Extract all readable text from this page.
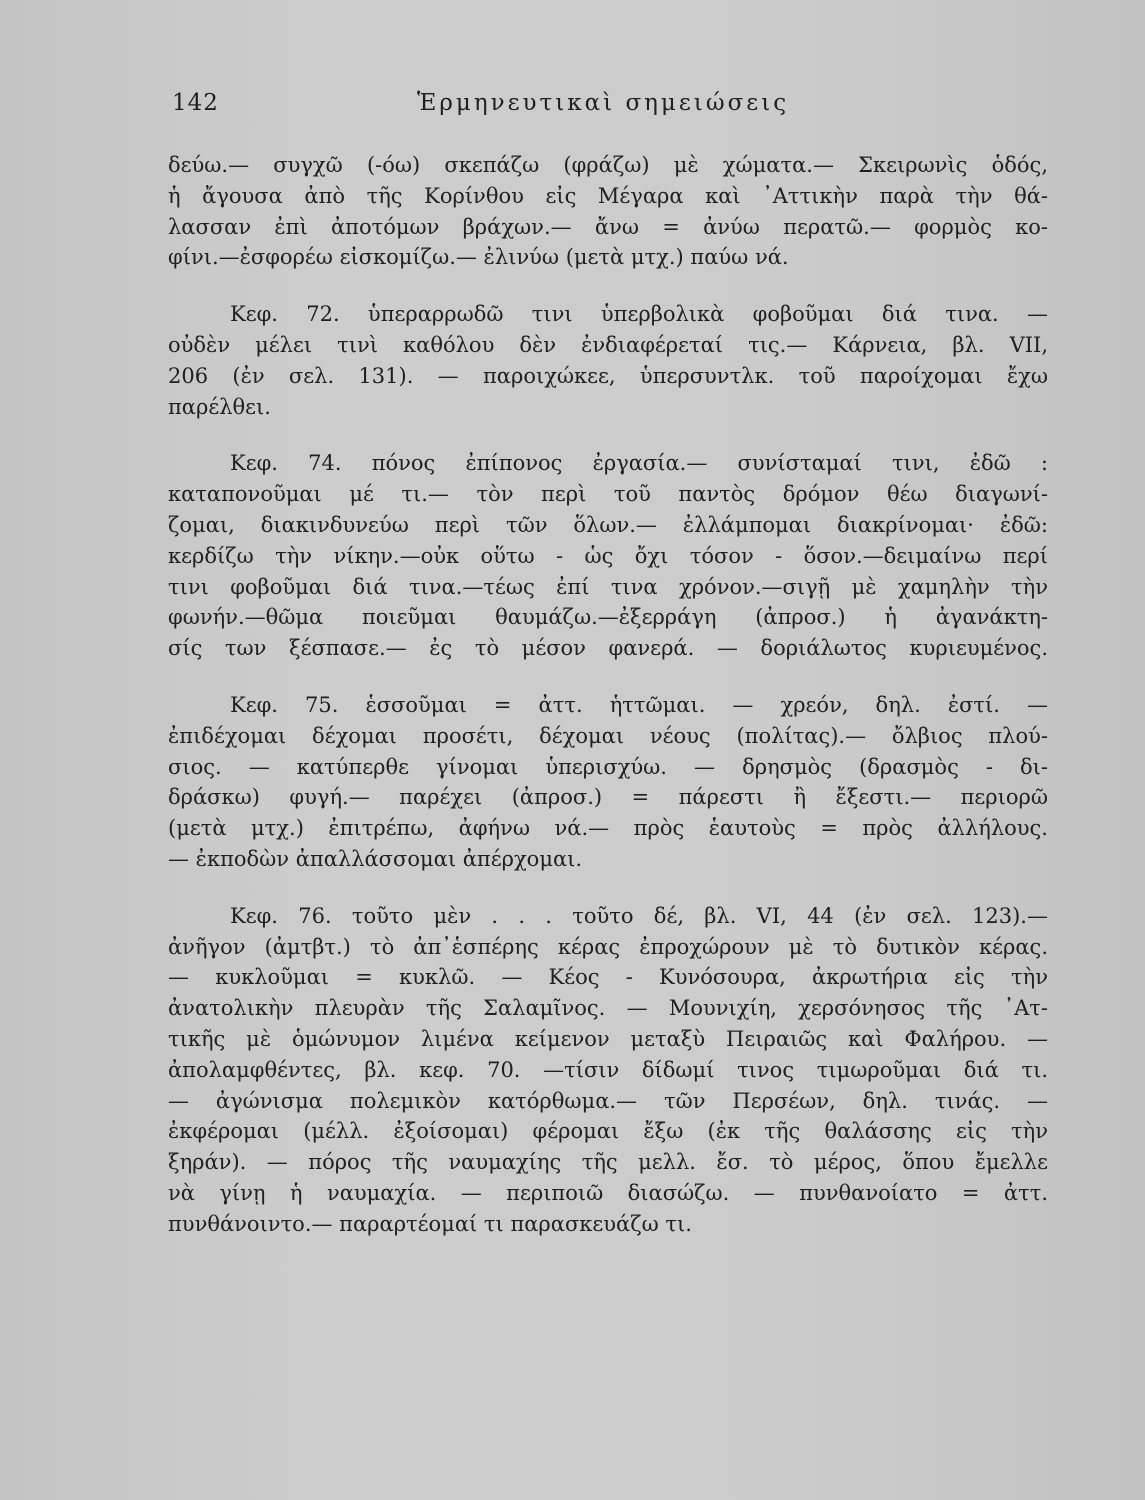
142	Ἑρμηνευτικαὶ σημειώσεις
δεύω.— συγχῶ (-όω) σκεπάζω (φράζω) μὲ χώματα.— Σκειρωνὶς ὁδός,
ἡ ἄγουσα ἀπὸ τῆς Κορίνθου εἰς Μέγαρα καὶ ᾿Αττικὴν παρὰ τὴν θά-
λασσαν ἐπὶ ἀποτόμων βράχων.— ἄνω = ἀνύω περατῶ.— φορμὸς κο-
φίνι.—ἐσφορέω εἰσκομίζω.— ἐλινύω (μετὰ μτχ.) παύω νά.
Κεφ. 72. ὑπεραρρωδῶ τινι ὑπερβολικὰ φοβοῦμαι διά τινα. —
οὐδὲν μέλει τινὶ καθόλου δὲν ἐνδιαφέρεταί τις.— Κάρνεια, βλ. VII,
206 (ἐν σελ. 131). — παροιχώκεε, ὑπερσυντλκ. τοῦ παροίχομαι ἔχω
παρέλθει.
Κεφ. 74. πόνος ἐπίπονος ἐργασία.— συνίσταμαί τινι, ἐδῶ :
καταπονοῦμαι μέ τι.— τὸν περὶ τοῦ παντὸς δρόμον θέω διαγωνί-
ζομαι, διακινδυνεύω περὶ τῶν ὅλων.— ἐλλάμπομαι διακρίνομαι· ἐδῶ:
κερδίζω τὴν νίκην.—οὐκ οὕτω - ὡς ὄχι τόσον - ὅσον.—δειμαίνω περί
τινι φοβοῦμαι διά τινα.—τέως ἐπί τινα χρόνον.—σιγῇ μὲ χαμηλὴν τὴν
φωνήν.—θῶμα ποιεῦμαι θαυμάζω.—ἐξερράγη (ἀπροσ.) ἡ ἀγανάκτη-
σίς των ξέσπασε.— ἐς τὸ μέσον φανερά. — δοριάλωτος κυριευμένος.
Κεφ. 75. ἑσσοῦμαι = ἀττ. ἡττῶμαι. — χρεόν, δηλ. ἐστί. —
ἐπιδέχομαι δέχομαι προσέτι, δέχομαι νέους (πολίτας).— ὄλβιος πλού-
σιος. — κατύπερθε γίνομαι ὑπερισχύω. — δρησμὸς (δρασμὸς - δι-
δράσκω) φυγή.— παρέχει (ἀπροσ.) = πάρεστι ἢ ἔξεστι.— περιορῶ
(μετὰ μτχ.) ἐπιτρέπω, ἀφήνω νά.— πρὸς ἑαυτοὺς = πρὸς ἀλλήλους.
— ἐκποδὼν ἀπαλλάσσομαι ἀπέρχομαι.
Κεφ. 76. τοῦτο μὲν . . . τοῦτο δέ, βλ. VI, 44 (ἐν σελ. 123).—
ἀνῆγον (ἀμτβτ.) τὸ ἀπ᾿ἑσπέρης κέρας ἐπροχώρουν μὲ τὸ δυτικὸν κέρας.
— κυκλοῦμαι = κυκλῶ. — Κέος - Κυνόσουρα, ἀκρωτήρια εἰς τὴν
ἀνατολικὴν πλευρὰν τῆς Σαλαμῖνος. — Μουνιχίη, χερσόνησος τῆς ᾿Ατ-
τικῆς μὲ ὁμώνυμον λιμένα κείμενον μεταξὺ Πειραιῶς καὶ Φαλήρου. —
ἀπολαμφθέντες, βλ. κεφ. 70. —τίσιν δίδωμί τινος τιμωροῦμαι διά τι.
— ἀγώνισμα πολεμικὸν κατόρθωμα.— τῶν Περσέων, δηλ. τινάς. —
ἐκφέρομαι (μέλλ. ἐξοίσομαι) φέρομαι ἔξω (ἐκ τῆς θαλάσσης εἰς τὴν
ξηράν). — πόρος τῆς ναυμαχίης τῆς μελλ. ἔσ. τὸ μέρος, ὅπου ἔμελλε
νὰ γίνῃ ἡ ναυμαχία. — περιποιῶ διασώζω. — πυνθανοίατο = ἀττ.
πυνθάνοιντο.— παραρτέομαί τι παρασκευάζω τι.
